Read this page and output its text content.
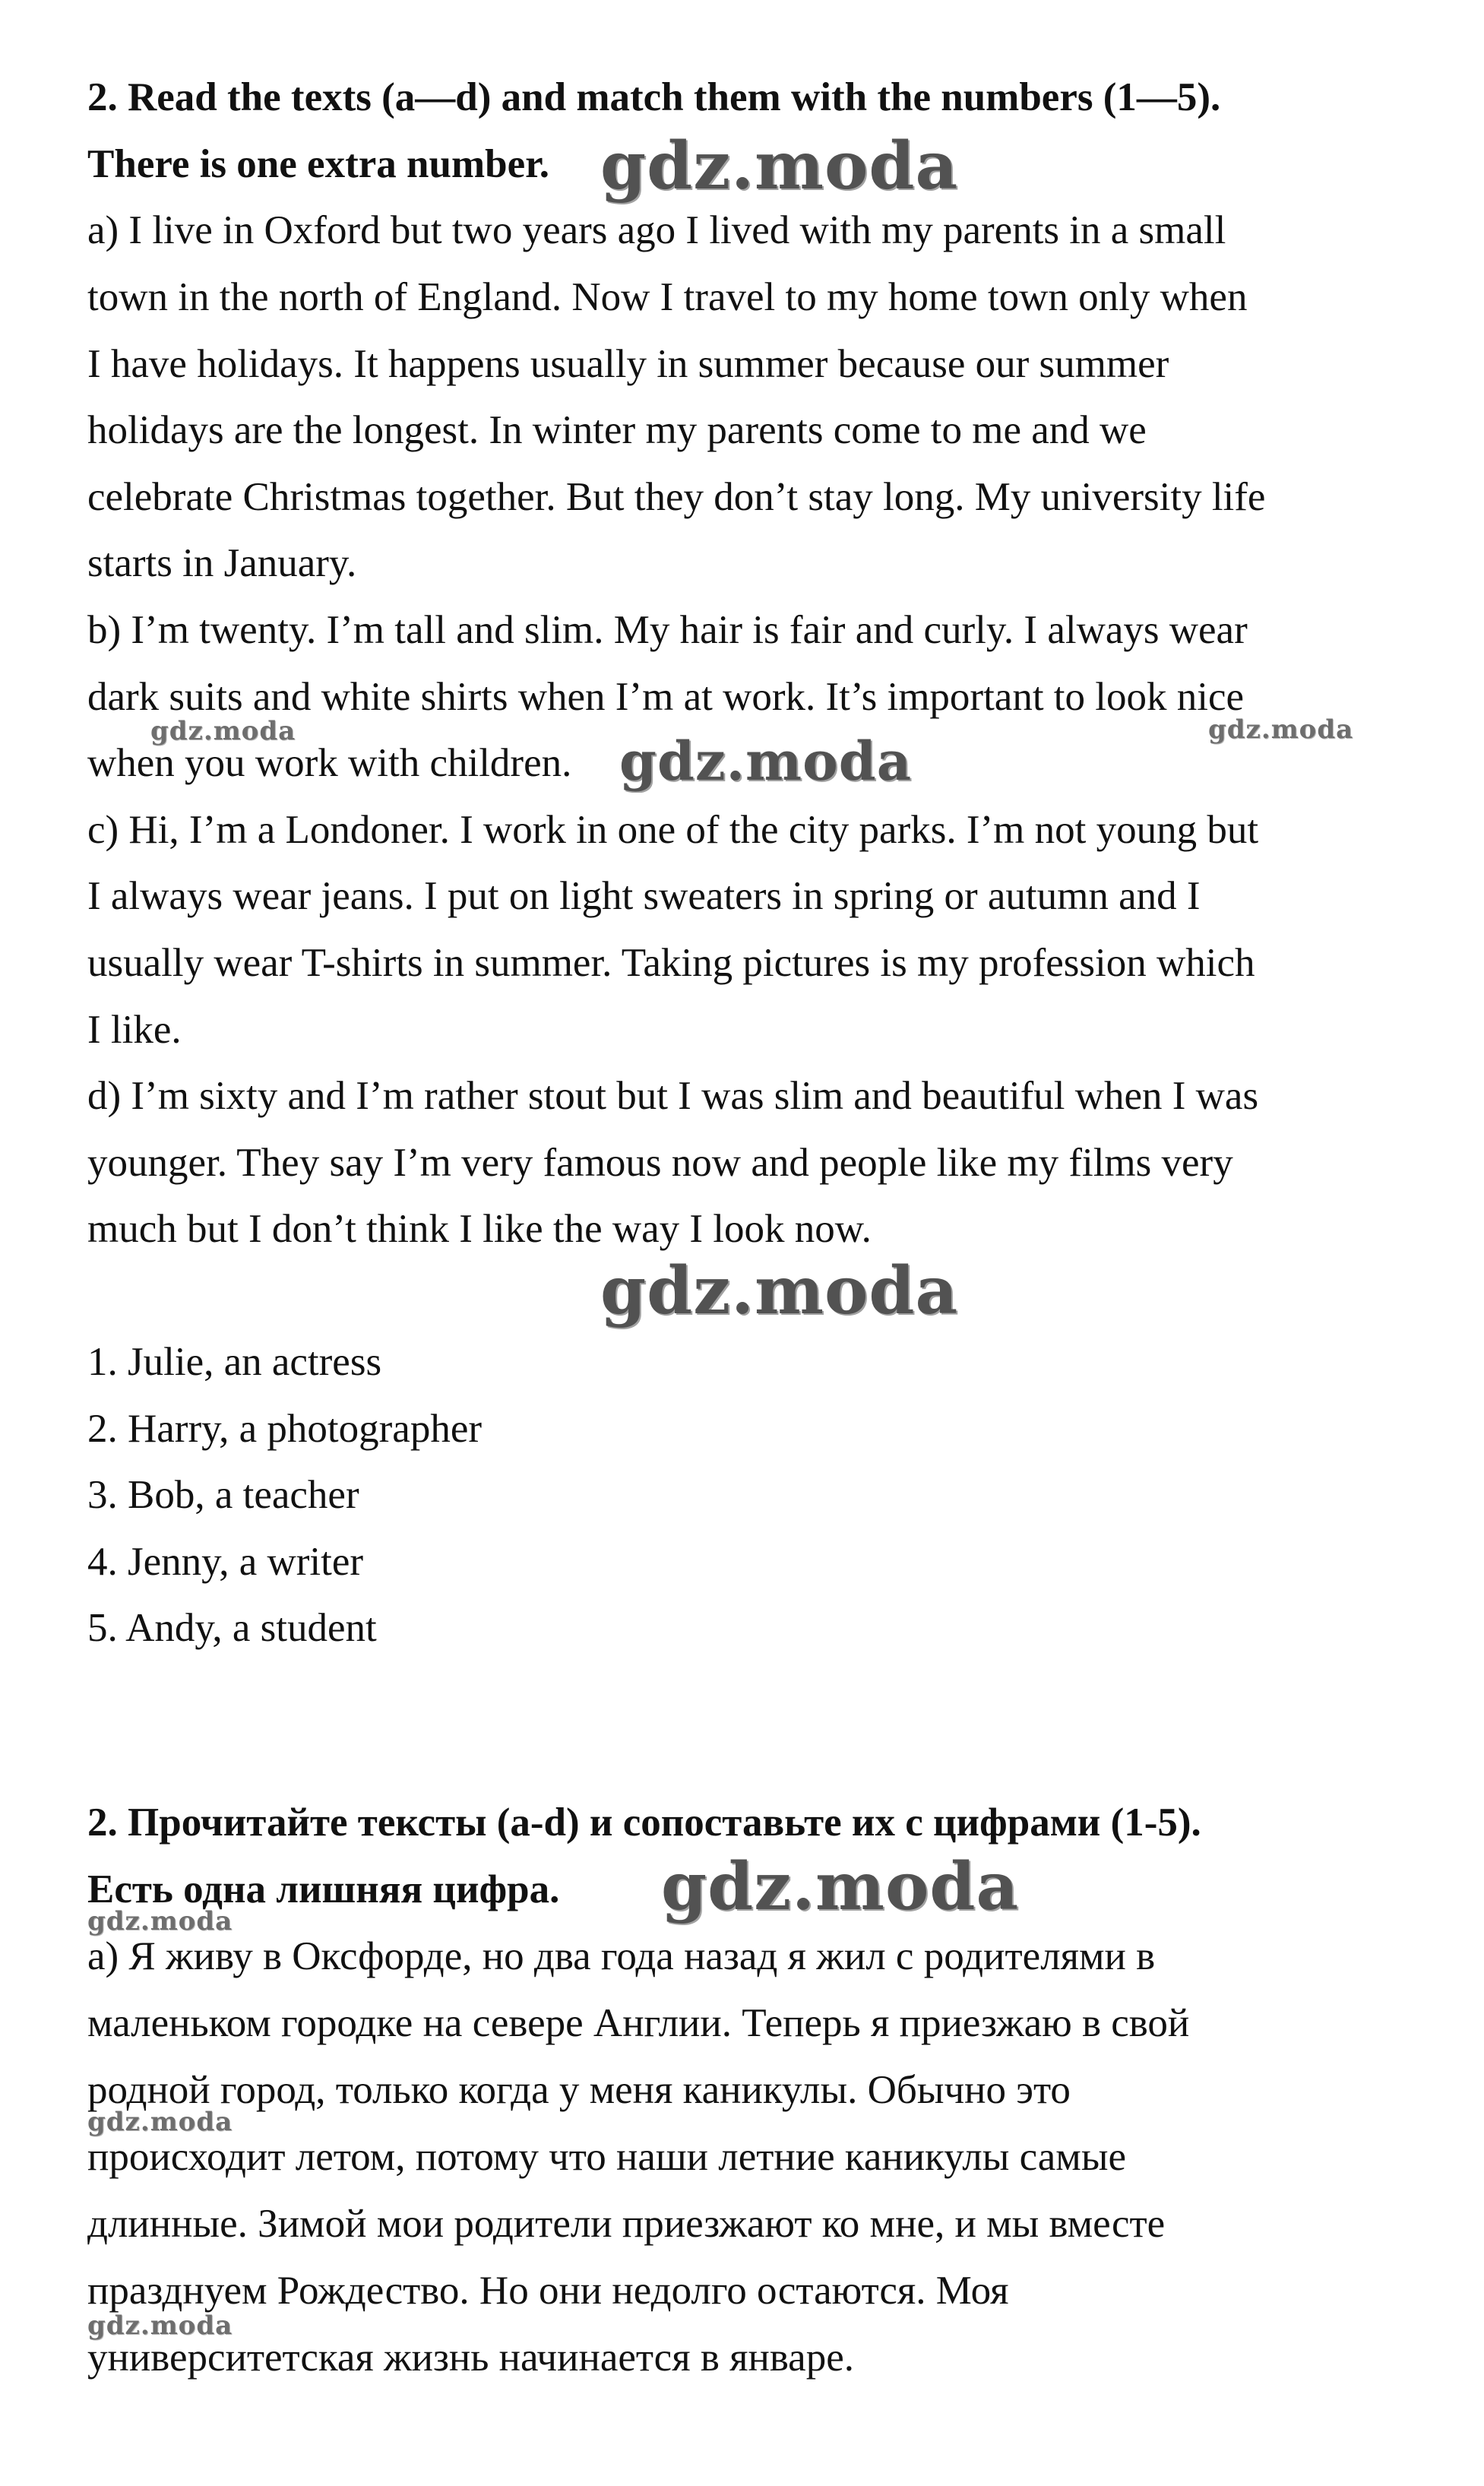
2. Read the texts (a—d) and match them with the numbers (1—5).
There is one extra number.
a) I live in Oxford but two years ago I lived with my parents in a small
town in the north of England. Now I travel to my home town only when
I have holidays. It happens usually in summer because our summer
holidays are the longest. In winter my parents come to me and we
celebrate Christmas together. But they don’t stay long. My university life
starts in January.
b) I’m twenty. I’m tall and slim. My hair is fair and curly. I always wear
dark suits and white shirts when I’m at work. It’s important to look nice
when you work with children.
c) Hi, I’m a Londoner. I work in one of the city parks. I’m not young but
I always wear jeans. I put on light sweaters in spring or autumn and I
usually wear T-shirts in summer. Taking pictures is my profession which
I like.
d) I’m sixty and I’m rather stout but I was slim and beautiful when I was
younger. They say I’m very famous now and people like my films very
much but I don’t think I like the way I look now.
1. Julie, an actress
2. Harry, a photographer
3. Bob, a teacher
4. Jenny, a writer
5. Andy, a student
2. Прочитайте тексты (a-d) и сопоставьте их с цифрами (1-5).
Есть одна лишняя цифра.
а) Я живу в Оксфорде, но два года назад я жил с родителями в
маленьком городке на севере Англии. Теперь я приезжаю в свой
родной город, только когда у меня каникулы. Обычно это
происходит летом, потому что наши летние каникулы самые
длинные. Зимой мои родители приезжают ко мне, и мы вместе
празднуем Рождество. Но они недолго остаются. Моя
университетская жизнь начинается в январе.
gdz.moda
gdz.moda	gdz.moda
gdz.moda
gdz.moda
gdz.moda
gdz.moda
gdz.moda
gdz.moda
